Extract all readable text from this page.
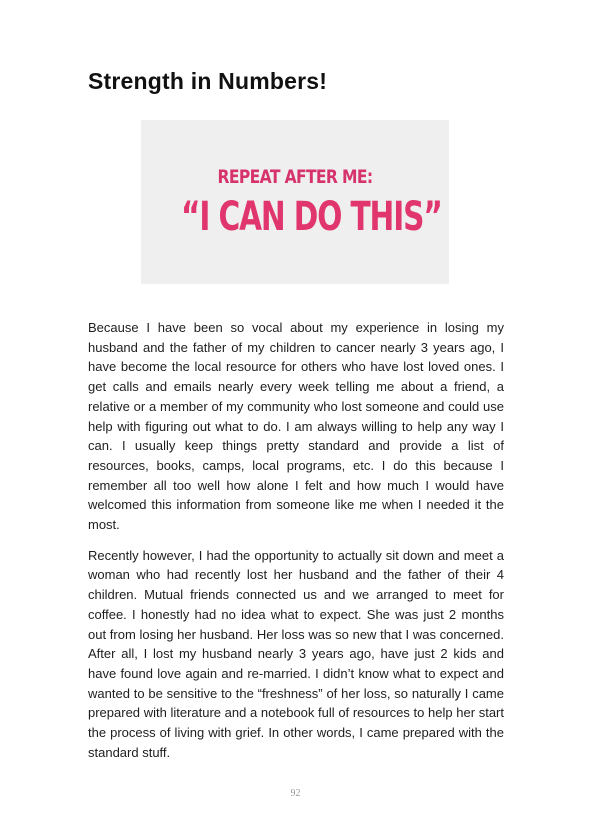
Strength in Numbers!
REPEAT AFTER ME:
“I CAN DO THIS”

Because I have been so vocal about my experience in losing my husband and the father of my children to cancer nearly 3 years ago, I have become the local resource for others who have lost loved ones. I get calls and emails nearly every week telling me about a friend, a relative or a member of my community who lost someone and could use help with figuring out what to do. I am always willing to help any way I can. I usually keep things pretty standard and provide a list of resources, books, camps, local programs, etc. I do this because I remember all too well how alone I felt and how much I would have welcomed this information from someone like me when I needed it the most.

Recently however, I had the opportunity to actually sit down and meet a woman who had recently lost her husband and the father of their 4 children. Mutual friends connected us and we arranged to meet for coffee. I honestly had no idea what to expect. She was just 2 months out from losing her husband. Her loss was so new that I was concerned. After all, I lost my husband nearly 3 years ago, have just 2 kids and have found love again and re-married. I didn’t know what to expect and wanted to be sensitive to the “freshness” of her loss, so naturally I came prepared with literature and a notebook full of resources to help her start the process of living with grief. In other words, I came prepared with the standard stuff.

92
